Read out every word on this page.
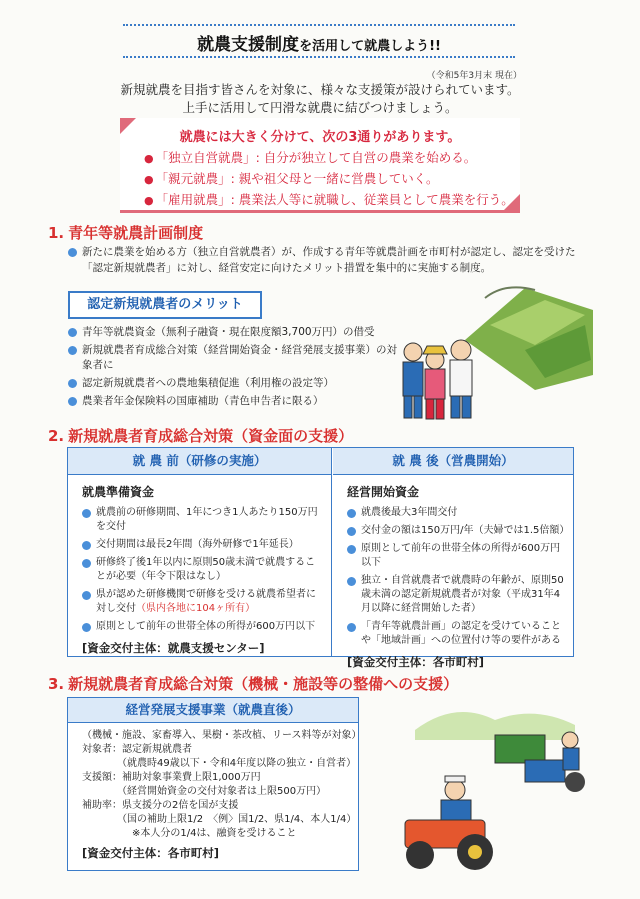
就農支援制度を活用して就農しよう!!
（令和5年3月末 現在）
新規就農を目指す皆さんを対象に、様々な支援策が設けられています。
上手に活用して円滑な就農に結びつけましょう。
就農には大きく分けて、次の3通りがあります。
● 「独立自営就農」: 自分が独立して自営の農業を始める。
● 「親元就農」: 親や祖父母と一緒に営農していく。
● 「雇用就農」: 農業法人等に就職し、従業員として農業を行う。
1. 青年等就農計画制度
新たに農業を始める方（独立自営就農者）が、作成する青年等就農計画を市町村が認定し、認定を受けた
「認定新規就農者」に対し、経営安定に向けたメリット措置を集中的に実施する制度。
認定新規就農者のメリット
青年等就農資金（無利子融資・現在限度額3,700万円）の借受
新規就農者育成総合対策（経営開始資金・経営発展支援事業）の対象者に
認定新規就農者への農地集積促進（利用権の設定等）
農業者年金保険料の国庫補助（青色申告者に限る）
2. 新規就農者育成総合対策（資金面の支援）
就 農 前（研修の実施）
就農準備資金
就農前の研修期間、1年につき1人あたり150万円を交付
交付期間は最長2年間（海外研修で1年延長）
研修終了後1年以内に原則50歳未満で就農することが必要（年令下限はなし）
県が認めた研修機関で研修を受ける就農希望者に対し交付（県内各地に104ヶ所有）
原則として前年の世帯全体の所得が600万円以下
[資金交付主体：就農支援センター]
就 農 後（営農開始）
経営開始資金
就農後最大3年間交付
交付金の額は150万円/年（夫婦では1.5倍額）
原則として前年の世帯全体の所得が600万円以下
独立・自営就農者で就農時の年齢が、原則50歳未満の認定新規就農者が対象（平成31年4月以降に経営開始した者）
「青年等就農計画」の認定を受けていることや「地域計画」への位置付け等の要件がある
[資金交付主体：各市町村]
3. 新規就農者育成総合対策（機械・施設等の整備への支援）
経営発展支援事業（就農直後）
（機械・施設、家畜導入、果樹・茶改植、リース料等が対象）
対象者：認定新規就農者
　　　　（就農時49歳以下・令和4年度以降の独立・自営者）
支援額：補助対象事業費上限1,000万円
　　　　（経営開始資金の交付対象者は上限500万円）
補助率：県支援分の2倍を国が支援
　　　　（国の補助上限1/2　〈例〉国1/2、県1/4、本人1/4）
　　　　　※本人分の1/4は、融資を受けること
[資金交付主体：各市町村]
